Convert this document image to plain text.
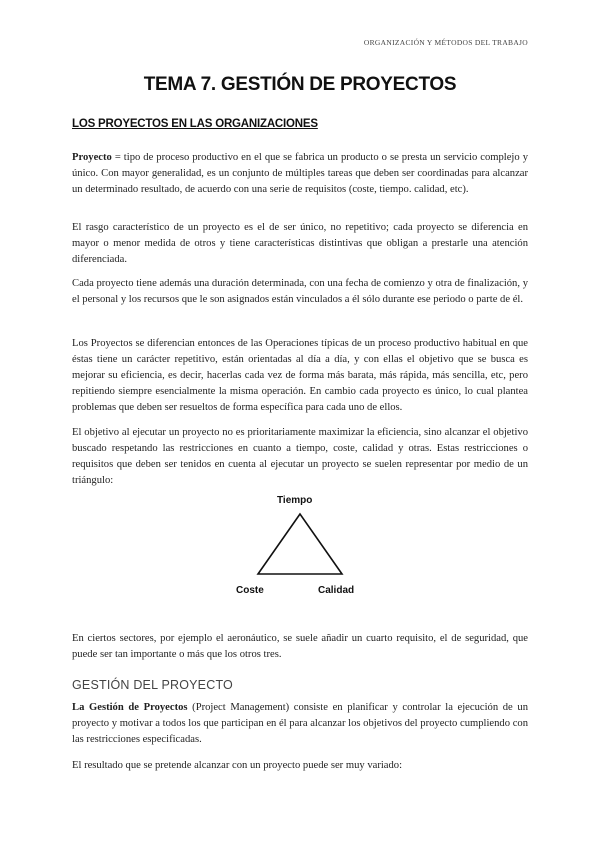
ORGANIZACIÓN Y MÉTODOS DEL TRABAJO
TEMA 7. GESTIÓN DE PROYECTOS
LOS PROYECTOS EN LAS ORGANIZACIONES

Proyecto = tipo de proceso productivo en el que se fabrica un producto o se presta un servicio complejo y único. Con mayor generalidad, es un conjunto de múltiples tareas que deben ser coordinadas para alcanzar un determinado resultado, de acuerdo con una serie de requisitos (coste, tiempo. calidad, etc).

El rasgo característico de un proyecto es el de ser único, no repetitivo; cada proyecto se diferencia en mayor o menor medida de otros y tiene características distintivas que obligan a prestarle una atención diferenciada.

Cada proyecto tiene además una duración determinada, con una fecha de comienzo y otra de finalización, y el personal y los recursos que le son asignados están vinculados a él sólo durante ese periodo o parte de él.

Los Proyectos se diferencian entonces de las Operaciones típicas de un proceso productivo habitual en que éstas tiene un carácter repetitivo, están orientadas al día a día, y con ellas el objetivo que se busca es mejorar su eficiencia, es decir, hacerlas cada vez de forma más barata, más rápida, más sencilla, etc, pero repitiendo siempre esencialmente la misma operación. En cambio cada proyecto es único, lo cual plantea problemas que deben ser resueltos de forma específica para cada uno de ellos.

El objetivo al ejecutar un proyecto no es prioritariamente maximizar la eficiencia, sino alcanzar el objetivo buscado respetando las restricciones en cuanto a tiempo, coste, calidad y otras. Estas restricciones o requisitos que deben ser tenidos en cuenta al ejecutar un proyecto se suelen representar por medio de un triángulo:

Tiempo
Coste	Calidad

En ciertos sectores, por ejemplo el aeronáutico, se suele añadir un cuarto requisito, el de seguridad, que puede ser tan importante o más que los otros tres.

GESTIÓN DEL PROYECTO

La Gestión de Proyectos (Project Management) consiste en planificar y controlar la ejecución de un proyecto y motivar a todos los que participan en él para alcanzar los objetivos del proyecto cumpliendo con las restricciones especificadas.

El resultado que se pretende alcanzar con un proyecto puede ser muy variado:
